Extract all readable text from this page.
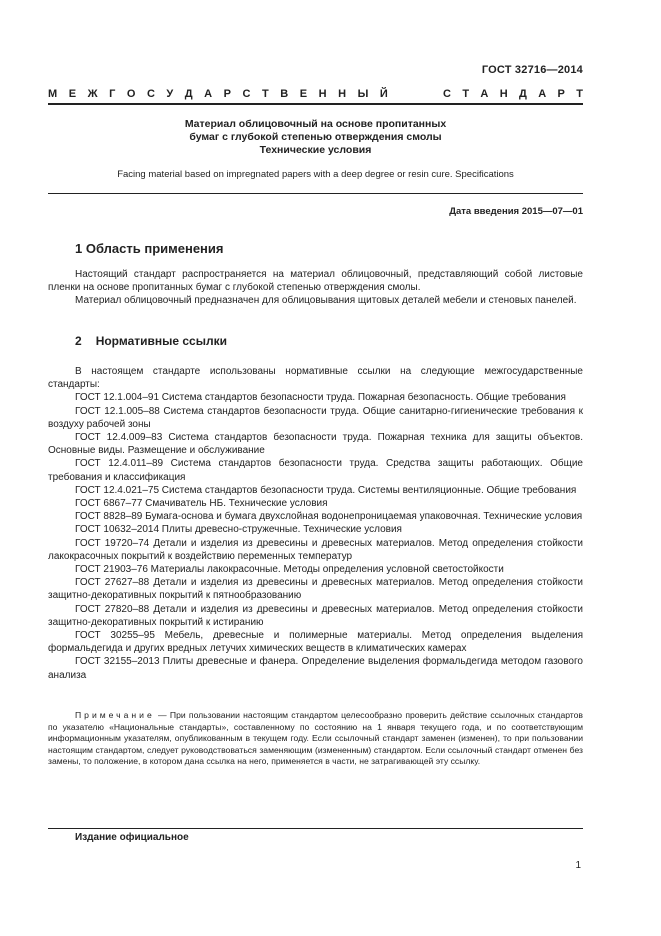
ГОСТ 32716—2014
М Е Ж Г О С У Д А Р С Т В Е Н Н Ы Й	С Т А Н Д А Р Т
Материал облицовочный на основе пропитанных
бумаг с глубокой степенью отверждения смолы
Технические условия
Facing material based on impregnated papers with a deep degree or resin cure. Specifications
Дата введения 2015—07—01
1 Область применения

Настоящий стандарт распространяется на материал облицовочный, представляющий собой листовые пленки на основе пропитанных бумаг с глубокой степенью отверждения смолы.

Материал облицовочный предназначен для облицовывания щитовых деталей мебели и стеновых панелей.

2 Нормативные ссылки

В настоящем стандарте использованы нормативные ссылки на следующие межгосударственные стандарты:

ГОСТ 12.1.004–91 Система стандартов безопасности труда. Пожарная безопасность. Общие требования

ГОСТ 12.1.005–88 Система стандартов безопасности труда. Общие санитарно-гигиенические требования к воздуху рабочей зоны

ГОСТ 12.4.009–83 Система стандартов безопасности труда. Пожарная техника для защиты объектов. Основные виды. Размещение и обслуживание

ГОСТ 12.4.011–89 Система стандартов безопасности труда. Средства защиты работающих. Общие требования и классификация

ГОСТ 12.4.021–75 Система стандартов безопасности труда. Системы вентиляционные. Общие требования

ГОСТ 6867–77 Смачиватель НБ. Технические условия

ГОСТ 8828–89 Бумага-основа и бумага двухслойная водонепроницаемая упаковочная. Технические условия

ГОСТ 10632–2014 Плиты древесно-стружечные. Технические условия

ГОСТ 19720–74 Детали и изделия из древесины и древесных материалов. Метод определения стойкости лакокрасочных покрытий к воздействию переменных температур

ГОСТ 21903–76 Материалы лакокрасочные. Методы определения условной светостойкости

ГОСТ 27627–88 Детали и изделия из древесины и древесных материалов. Метод определения стойкости защитно-декоративных покрытий к пятнообразованию

ГОСТ 27820–88 Детали и изделия из древесины и древесных материалов. Метод определения стойкости защитно-декоративных покрытий к истиранию

ГОСТ 30255–95 Мебель, древесные и полимерные материалы. Метод определения выделения формальдегида и других вредных летучих химических веществ в климатических камерах

ГОСТ 32155–2013 Плиты древесные и фанера. Определение выделения формальдегида методом газового анализа

Примечание — При пользовании настоящим стандартом целесообразно проверить действие ссылочных стандартов по указателю «Национальные стандарты», составленному по состоянию на 1 января текущего года, и по соответствующим информационным указателям, опубликованным в текущем году. Если ссылочный стандарт заменен (изменен), то при пользовании настоящим стандартом, следует руководствоваться заменяющим (измененным) стандартом. Если ссылочный стандарт отменен без замены, то положение, в котором дана ссылка на него, применяется в части, не затрагивающей эту ссылку.

Издание официальное
1
